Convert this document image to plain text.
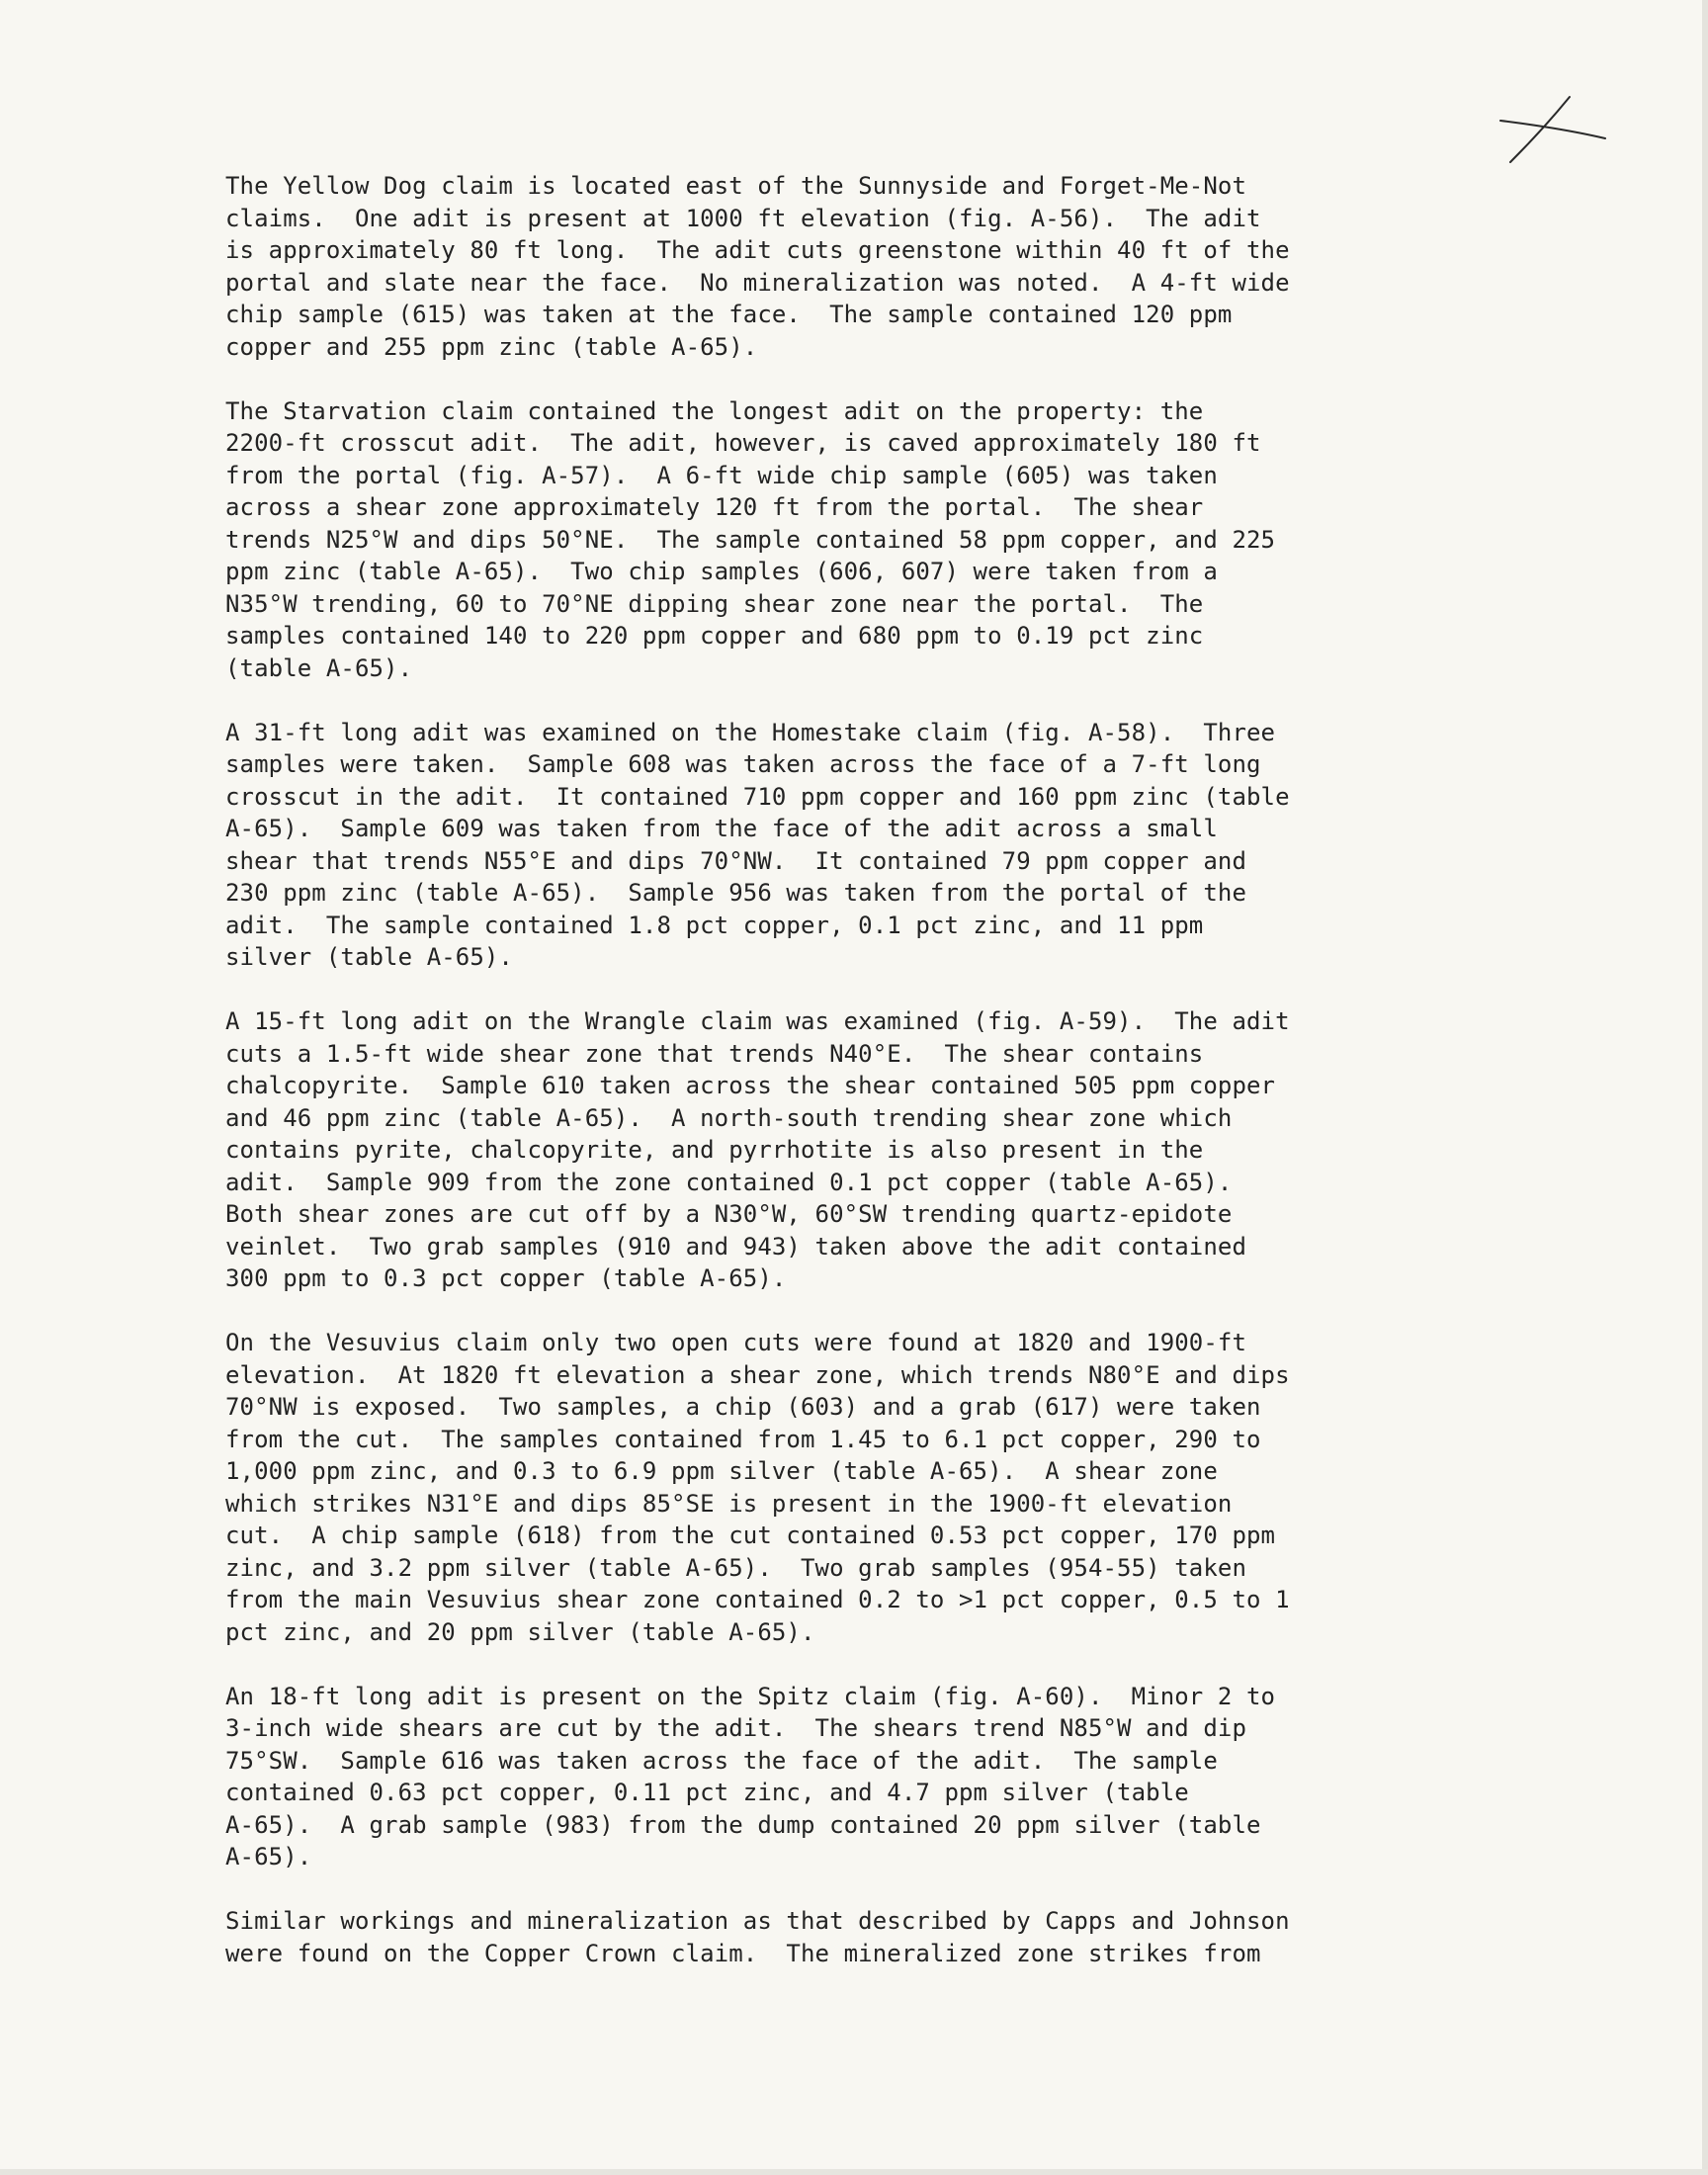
The Yellow Dog claim is located east of the Sunnyside and Forget-Me-Not
claims.  One adit is present at 1000 ft elevation (fig. A-56).  The adit
is approximately 80 ft long.  The adit cuts greenstone within 40 ft of the
portal and slate near the face.  No mineralization was noted.  A 4-ft wide
chip sample (615) was taken at the face.  The sample contained 120 ppm
copper and 255 ppm zinc (table A-65).
The Starvation claim contained the longest adit on the property: the
2200-ft crosscut adit.  The adit, however, is caved approximately 180 ft
from the portal (fig. A-57).  A 6-ft wide chip sample (605) was taken
across a shear zone approximately 120 ft from the portal.  The shear
trends N25°W and dips 50°NE.  The sample contained 58 ppm copper, and 225
ppm zinc (table A-65).  Two chip samples (606, 607) were taken from a
N35°W trending, 60 to 70°NE dipping shear zone near the portal.  The
samples contained 140 to 220 ppm copper and 680 ppm to 0.19 pct zinc
(table A-65).
A 31-ft long adit was examined on the Homestake claim (fig. A-58).  Three
samples were taken.  Sample 608 was taken across the face of a 7-ft long
crosscut in the adit.  It contained 710 ppm copper and 160 ppm zinc (table
A-65).  Sample 609 was taken from the face of the adit across a small
shear that trends N55°E and dips 70°NW.  It contained 79 ppm copper and
230 ppm zinc (table A-65).  Sample 956 was taken from the portal of the
adit.  The sample contained 1.8 pct copper, 0.1 pct zinc, and 11 ppm
silver (table A-65).
A 15-ft long adit on the Wrangle claim was examined (fig. A-59).  The adit
cuts a 1.5-ft wide shear zone that trends N40°E.  The shear contains
chalcopyrite.  Sample 610 taken across the shear contained 505 ppm copper
and 46 ppm zinc (table A-65).  A north-south trending shear zone which
contains pyrite, chalcopyrite, and pyrrhotite is also present in the
adit.  Sample 909 from the zone contained 0.1 pct copper (table A-65).
Both shear zones are cut off by a N30°W, 60°SW trending quartz-epidote
veinlet.  Two grab samples (910 and 943) taken above the adit contained
300 ppm to 0.3 pct copper (table A-65).
On the Vesuvius claim only two open cuts were found at 1820 and 1900-ft
elevation.  At 1820 ft elevation a shear zone, which trends N80°E and dips
70°NW is exposed.  Two samples, a chip (603) and a grab (617) were taken
from the cut.  The samples contained from 1.45 to 6.1 pct copper, 290 to
1,000 ppm zinc, and 0.3 to 6.9 ppm silver (table A-65).  A shear zone
which strikes N31°E and dips 85°SE is present in the 1900-ft elevation
cut.  A chip sample (618) from the cut contained 0.53 pct copper, 170 ppm
zinc, and 3.2 ppm silver (table A-65).  Two grab samples (954-55) taken
from the main Vesuvius shear zone contained 0.2 to >1 pct copper, 0.5 to 1
pct zinc, and 20 ppm silver (table A-65).
An 18-ft long adit is present on the Spitz claim (fig. A-60).  Minor 2 to
3-inch wide shears are cut by the adit.  The shears trend N85°W and dip
75°SW.  Sample 616 was taken across the face of the adit.  The sample
contained 0.63 pct copper, 0.11 pct zinc, and 4.7 ppm silver (table
A-65).  A grab sample (983) from the dump contained 20 ppm silver (table
A-65).
Similar workings and mineralization as that described by Capps and Johnson
were found on the Copper Crown claim.  The mineralized zone strikes from
